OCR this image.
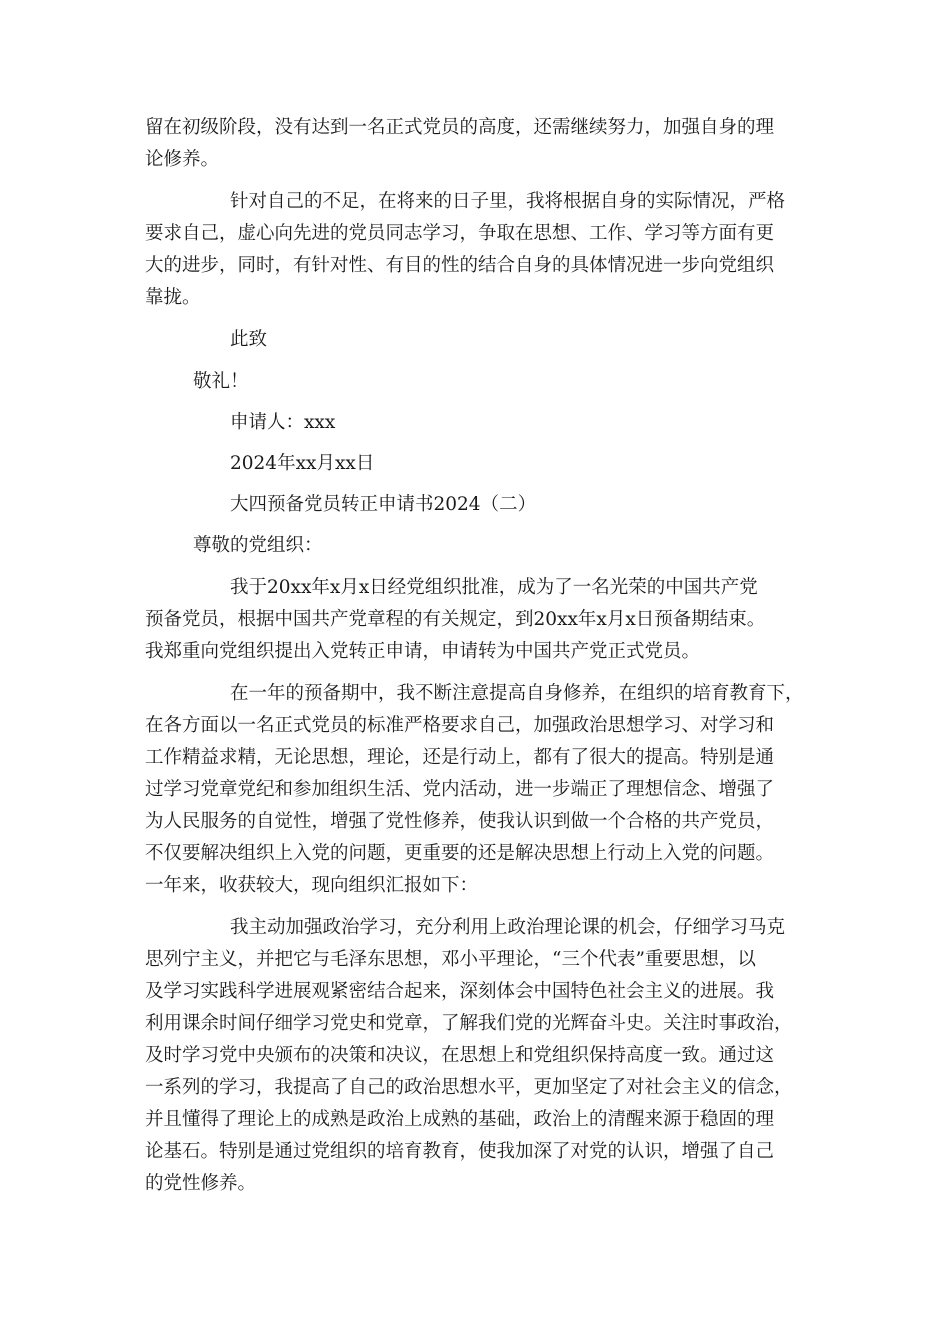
留在初级阶段，没有达到一名正式党员的高度，还需继续努力，加强自身的理
论修养。
针对自己的不足，在将来的日子里，我将根据自身的实际情况，严格
要求自己，虚心向先进的党员同志学习，争取在思想、工作、学习等方面有更
大的进步，同时，有针对性、有目的性的结合自身的具体情况进一步向党组织
靠拢。
此致
敬礼！
申请人：xxx
2024年xx月xx日
大四预备党员转正申请书2024（二）
尊敬的党组织：
我于20xx年x月x日经党组织批准，成为了一名光荣的中国共产党
预备党员，根据中国共产党章程的有关规定，到20xx年x月x日预备期结束。
我郑重向党组织提出入党转正申请，申请转为中国共产党正式党员。
在一年的预备期中，我不断注意提高自身修养，在组织的培育教育下，
在各方面以一名正式党员的标准严格要求自己，加强政治思想学习、对学习和
工作精益求精，无论思想，理论，还是行动上，都有了很大的提高。特别是通
过学习党章党纪和参加组织生活、党内活动，进一步端正了理想信念、增强了
为人民服务的自觉性，增强了党性修养，使我认识到做一个合格的共产党员，
不仅要解决组织上入党的问题，更重要的还是解决思想上行动上入党的问题。
一年来，收获较大，现向组织汇报如下：
我主动加强政治学习，充分利用上政治理论课的机会，仔细学习马克
思列宁主义，并把它与毛泽东思想，邓小平理论，“三个代表”重要思想，以
及学习实践科学进展观紧密结合起来，深刻体会中国特色社会主义的进展。我
利用课余时间仔细学习党史和党章，了解我们党的光辉奋斗史。关注时事政治，
及时学习党中央颁布的决策和决议，在思想上和党组织保持高度一致。通过这
一系列的学习，我提高了自己的政治思想水平，更加坚定了对社会主义的信念，
并且懂得了理论上的成熟是政治上成熟的基础，政治上的清醒来源于稳固的理
论基石。特别是通过党组织的培育教育，使我加深了对党的认识，增强了自己
的党性修养。
